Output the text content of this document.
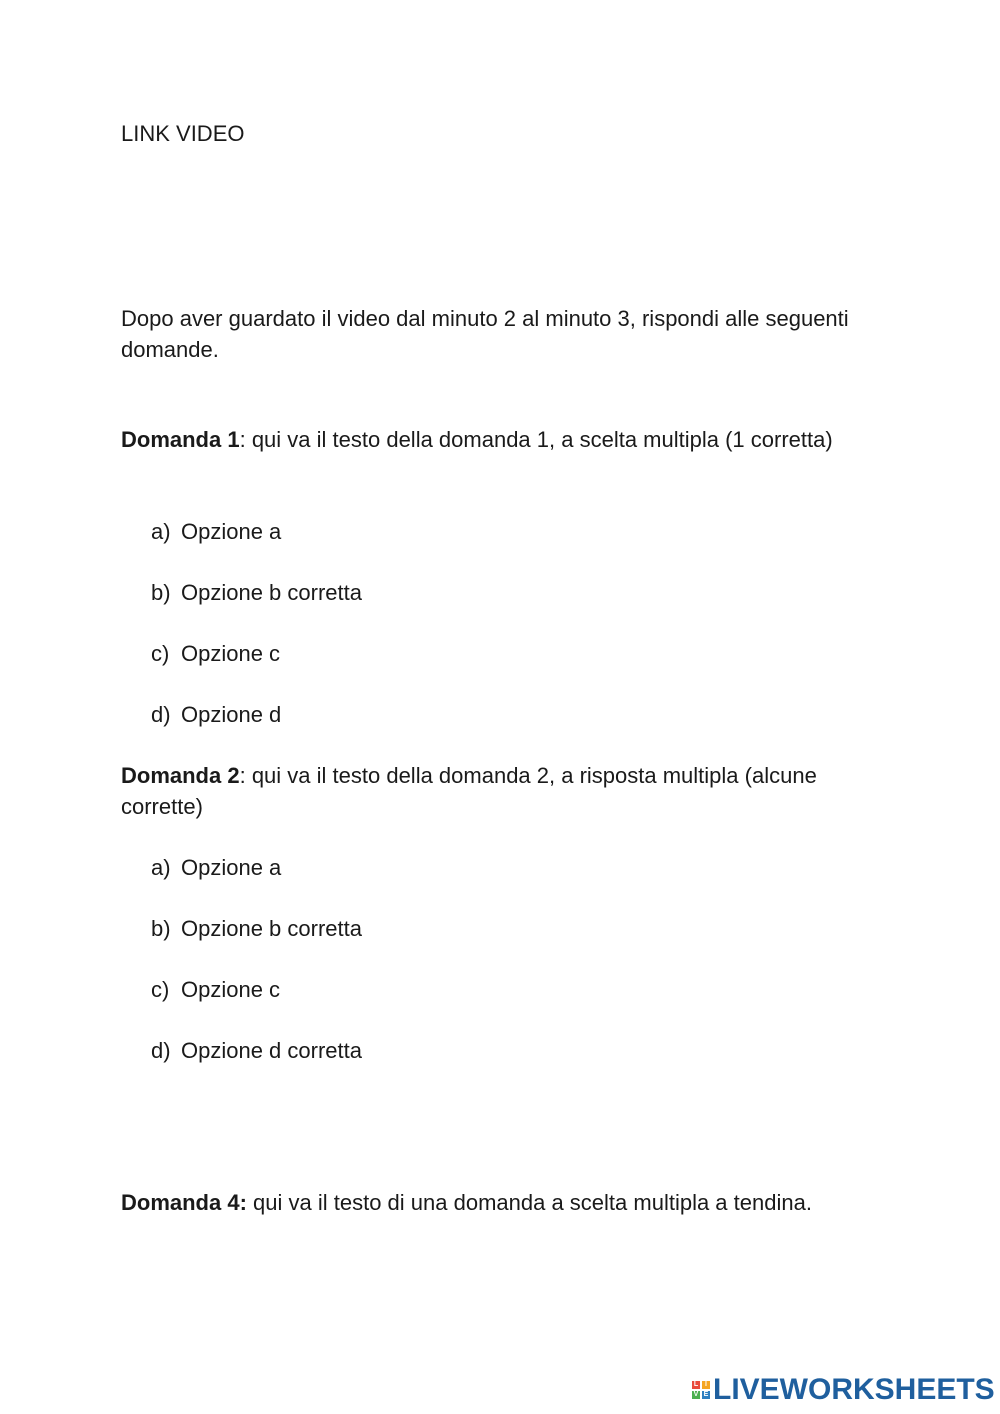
LINK VIDEO

Dopo aver guardato il video dal minuto 2 al minuto 3, rispondi alle seguenti domande.

Domanda 1: qui va il testo della domanda 1, a scelta multipla (1 corretta)

a) Opzione a

b) Opzione b corretta

c) Opzione c

d) Opzione d

Domanda 2: qui va il testo della domanda 2, a risposta multipla (alcune corrette)

a) Opzione a

b) Opzione b corretta

c) Opzione c

d) Opzione d corretta

Domanda 4: qui va il testo di una domanda a scelta multipla a tendina.

L I
V E LIVEWORKSHEETS
